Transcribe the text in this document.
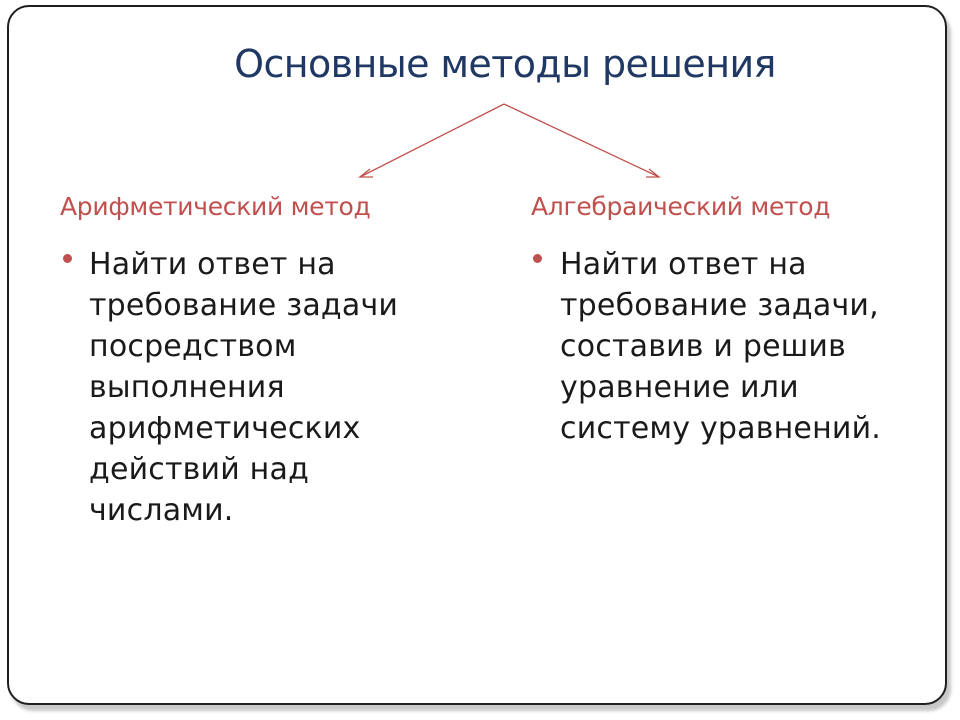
Основные методы решения
Арифметический метод	Алгебраический метод
Найти ответ на
требование задачи
посредством
выполнения
арифметических
действий над
числами.
Найти ответ на
требование задачи,
составив и решив
уравнение или
систему уравнений.
